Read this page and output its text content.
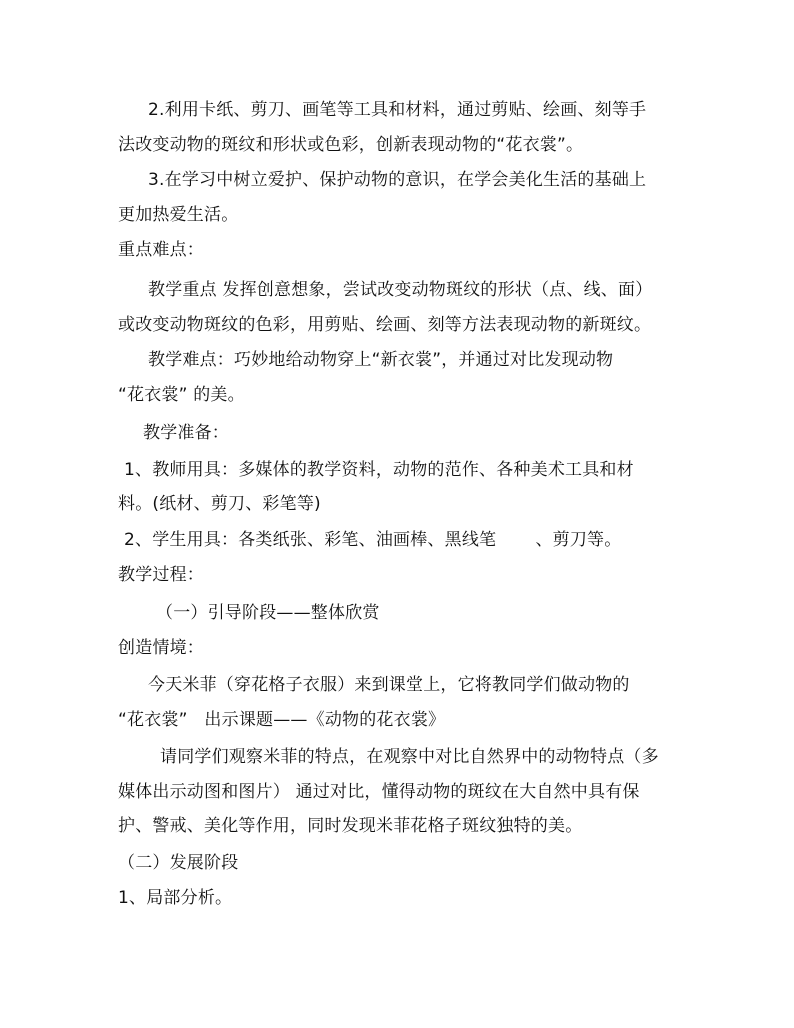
2.利用卡纸、剪刀、画笔等工具和材料，通过剪贴、绘画、刻等手
法改变动物的斑纹和形状或色彩，创新表现动物的“花衣裳”。
3.在学习中树立爱护、保护动物的意识，在学会美化生活的基础上
更加热爱生活。
重点难点：
教学重点 发挥创意想象，尝试改变动物斑纹的形状（点、线、面）
或改变动物斑纹的色彩，用剪贴、绘画、刻等方法表现动物的新斑纹。
教学难点：巧妙地给动物穿上“新衣裳”，并通过对比发现动物
“花衣裳” 的美。
教学准备：
1、教师用具：多媒体的教学资料，动物的范作、各种美术工具和材
料。(纸材、剪刀、彩笔等)
2、学生用具：各类纸张、彩笔、油画棒、黑线笔       、剪刀等。
教学过程：
（一）引导阶段——整体欣赏
创造情境：
今天米菲（穿花格子衣服）来到课堂上，它将教同学们做动物的
“花衣裳”   出示课题——《动物的花衣裳》
请同学们观察米菲的特点，在观察中对比自然界中的动物特点（多
媒体出示动图和图片） 通过对比，懂得动物的斑纹在大自然中具有保
护、警戒、美化等作用，同时发现米菲花格子斑纹独特的美。
（二）发展阶段
1、局部分析。
